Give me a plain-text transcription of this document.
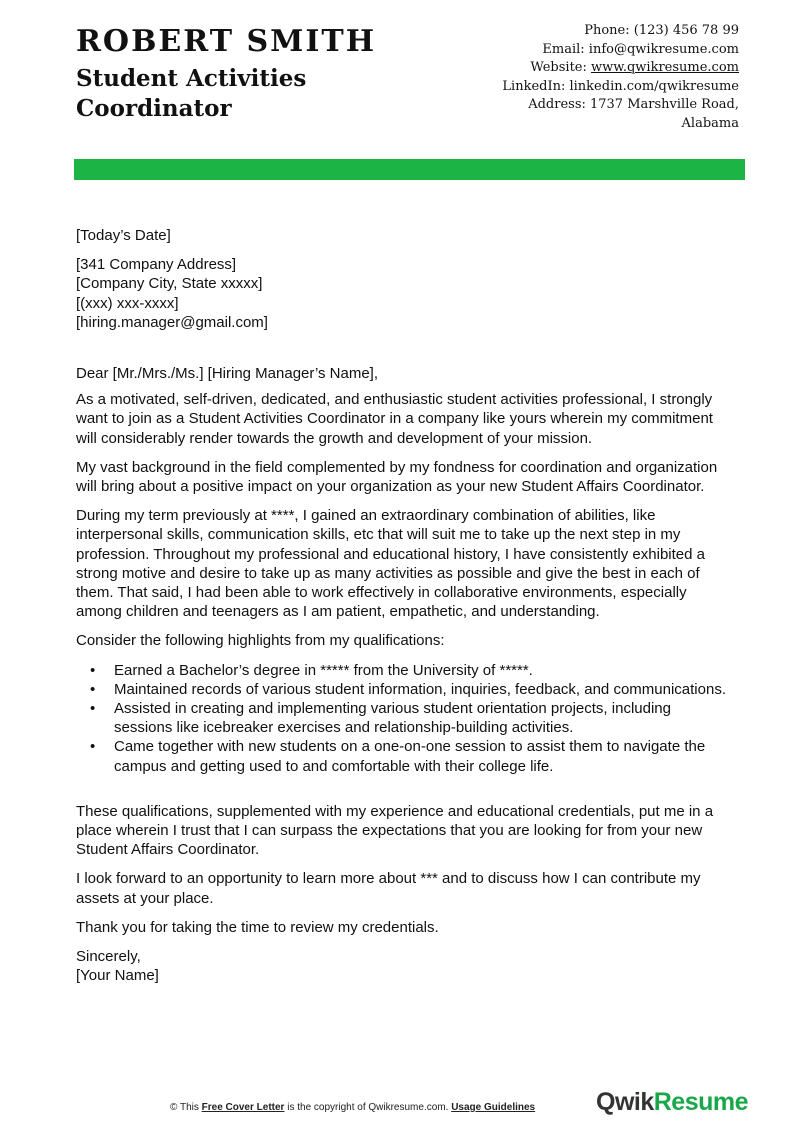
ROBERT SMITH
Student Activities Coordinator
Phone: (123) 456 78 99
Email: info@qwikresume.com
Website: www.qwikresume.com
LinkedIn: linkedin.com/qwikresume
Address: 1737 Marshville Road,
Alabama

[Today’s Date]

[341 Company Address]
[Company City, State xxxxx]
[(xxx) xxx-xxxx]
[hiring.manager@gmail.com]

Dear [Mr./Mrs./Ms.] [Hiring Manager’s Name],

As a motivated, self-driven, dedicated, and enthusiastic student activities professional, I strongly want to join as a Student Activities Coordinator in a company like yours wherein my commitment will considerably render towards the growth and development of your mission.

My vast background in the field complemented by my fondness for coordination and organization will bring about a positive impact on your organization as your new Student Affairs Coordinator.

During my term previously at ****, I gained an extraordinary combination of abilities, like interpersonal skills, communication skills, etc that will suit me to take up the next step in my profession. Throughout my professional and educational history, I have consistently exhibited a strong motive and desire to take up as many activities as possible and give the best in each of them. That said, I had been able to work effectively in collaborative environments, especially among children and teenagers as I am patient, empathetic, and understanding.

Consider the following highlights from my qualifications:

• Earned a Bachelor’s degree in ***** from the University of *****.
• Maintained records of various student information, inquiries, feedback, and communications.
• Assisted in creating and implementing various student orientation projects, including sessions like icebreaker exercises and relationship-building activities.
• Came together with new students on a one-on-one session to assist them to navigate the campus and getting used to and comfortable with their college life.

These qualifications, supplemented with my experience and educational credentials, put me in a place wherein I trust that I can surpass the expectations that you are looking for from your new Student Affairs Coordinator.

I look forward to an opportunity to learn more about *** and to discuss how I can contribute my assets at your place.

Thank you for taking the time to review my credentials.

Sincerely,
[Your Name]

© This Free Cover Letter is the copyright of Qwikresume.com. Usage Guidelines QwikResume
